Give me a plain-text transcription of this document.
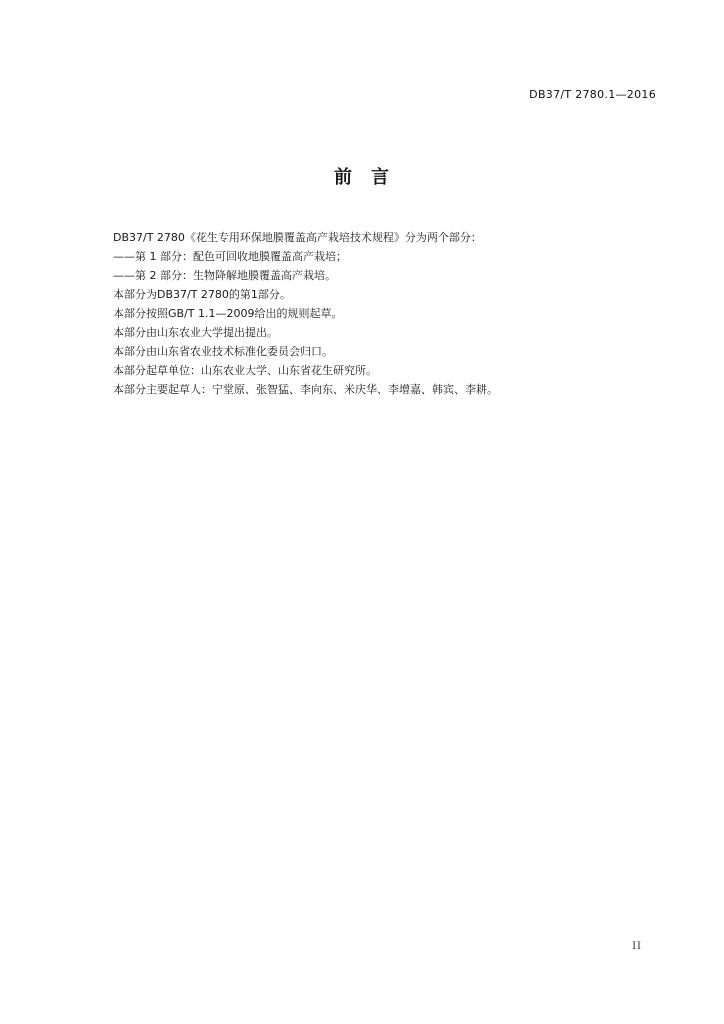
DB37/T 2780.1—2016
前 言

DB37/T 2780《花生专用环保地膜覆盖高产栽培技术规程》分为两个部分：

——第 1 部分：配色可回收地膜覆盖高产栽培；

——第 2 部分：生物降解地膜覆盖高产栽培。

本部分为DB37/T 2780的第1部分。

本部分按照GB/T 1.1—2009给出的规则起草。

本部分由山东农业大学提出提出。

本部分由山东省农业技术标准化委员会归口。

本部分起草单位：山东农业大学、山东省花生研究所。

本部分主要起草人：宁堂原、张智猛、李向东、米庆华、李增嘉、韩宾、李耕。

II
